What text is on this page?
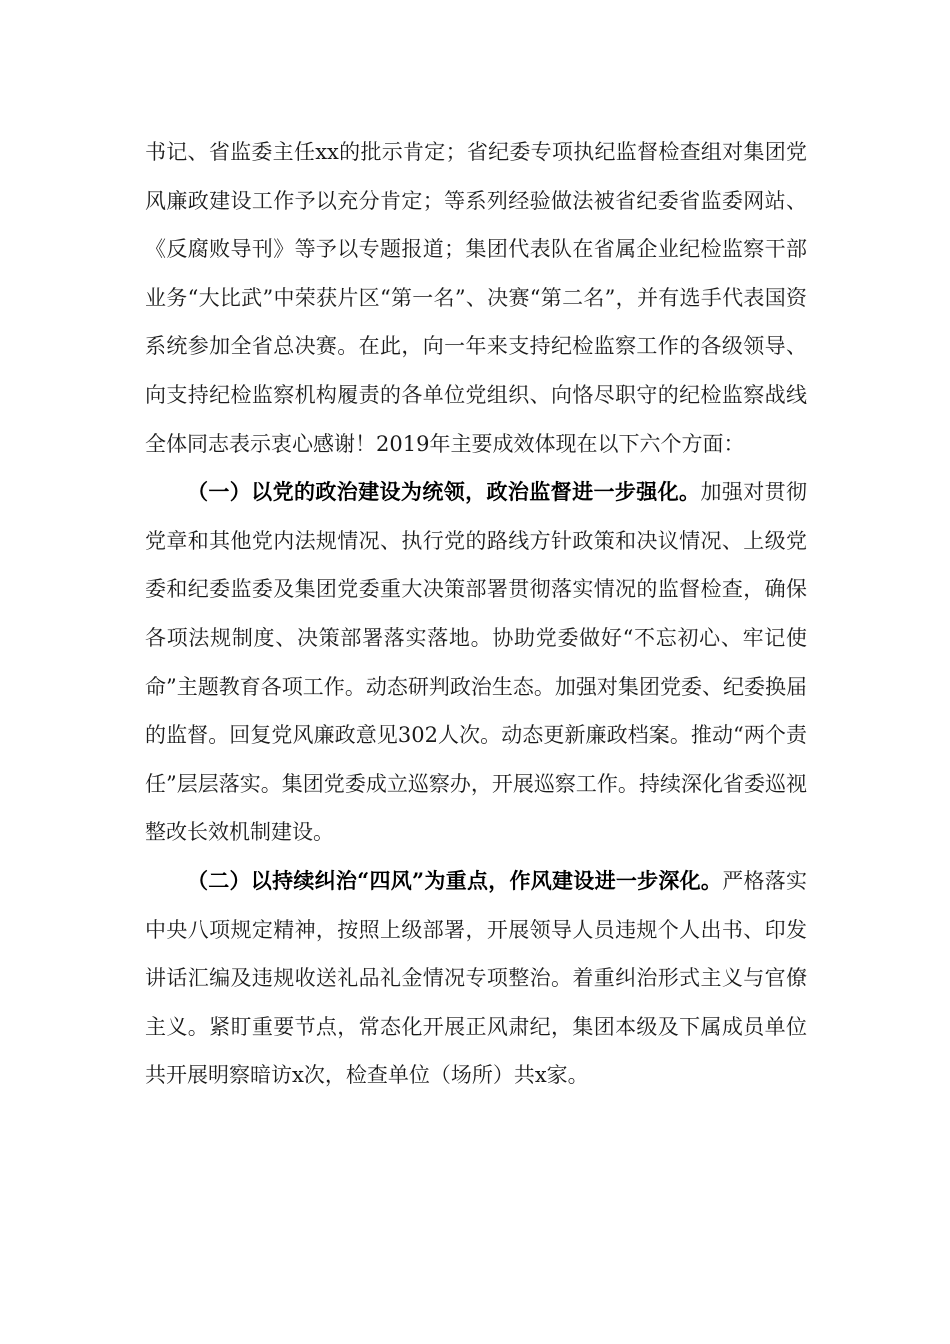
书记、省监委主任xx的批示肯定；省纪委专项执纪监督检查组对集团党风廉政建设工作予以充分肯定；等系列经验做法被省纪委省监委网站、《反腐败导刊》等予以专题报道；集团代表队在省属企业纪检监察干部业务“大比武”中荣获片区“第一名”、决赛“第二名”，并有选手代表国资系统参加全省总决赛。在此，向一年来支持纪检监察工作的各级领导、向支持纪检监察机构履责的各单位党组织、向恪尽职守的纪检监察战线全体同志表示衷心感谢！2019年主要成效体现在以下六个方面：

（一）以党的政治建设为统领，政治监督进一步强化。加强对贯彻党章和其他党内法规情况、执行党的路线方针政策和决议情况、上级党委和纪委监委及集团党委重大决策部署贯彻落实情况的监督检查，确保各项法规制度、决策部署落实落地。协助党委做好“不忘初心、牢记使命”主题教育各项工作。动态研判政治生态。加强对集团党委、纪委换届的监督。回复党风廉政意见302人次。动态更新廉政档案。推动“两个责任”层层落实。集团党委成立巡察办，开展巡察工作。持续深化省委巡视整改长效机制建设。

（二）以持续纠治“四风”为重点，作风建设进一步深化。严格落实中央八项规定精神，按照上级部署，开展领导人员违规个人出书、印发讲话汇编及违规收送礼品礼金情况专项整治。着重纠治形式主义与官僚主义。紧盯重要节点，常态化开展正风肃纪，集团本级及下属成员单位共开展明察暗访x次，检查单位（场所）共x家。
